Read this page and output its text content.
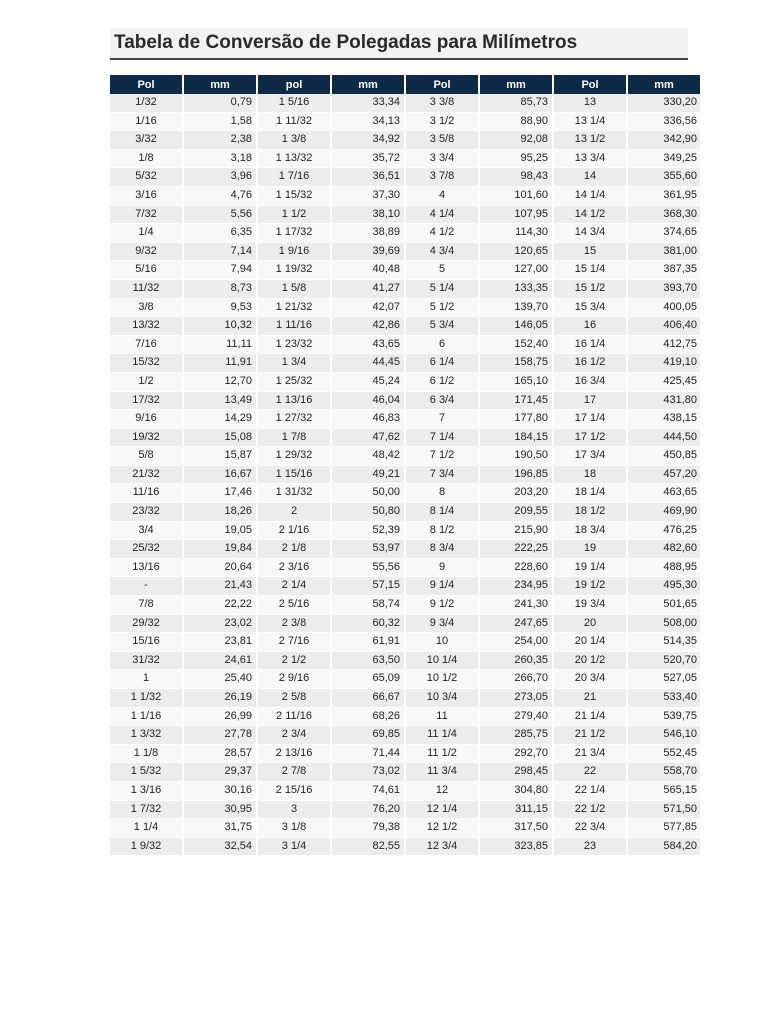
Tabela de Conversão de Polegadas para Milímetros
Pol	mm	pol	mm	Pol	mm	Pol	mm
1/32	0,79	1 5/16	33,34	3 3/8	85,73	13	330,20
1/16	1,58	1 11/32	34,13	3 1/2	88,90	13 1/4	336,56
3/32	2,38	1 3/8	34,92	3 5/8	92,08	13 1/2	342,90
1/8	3,18	1 13/32	35,72	3 3/4	95,25	13 3/4	349,25
5/32	3,96	1 7/16	36,51	3 7/8	98,43	14	355,60
3/16	4,76	1 15/32	37,30	4	101,60	14 1/4	361,95
7/32	5,56	1 1/2	38,10	4 1/4	107,95	14 1/2	368,30
1/4	6,35	1 17/32	38,89	4 1/2	114,30	14 3/4	374,65
9/32	7,14	1 9/16	39,69	4 3/4	120,65	15	381,00
5/16	7,94	1 19/32	40,48	5	127,00	15 1/4	387,35
11/32	8,73	1 5/8	41,27	5 1/4	133,35	15 1/2	393,70
3/8	9,53	1 21/32	42,07	5 1/2	139,70	15 3/4	400,05
13/32	10,32	1 11/16	42,86	5 3/4	146,05	16	406,40
7/16	11,11	1 23/32	43,65	6	152,40	16 1/4	412,75
15/32	11,91	1 3/4	44,45	6 1/4	158,75	16 1/2	419,10
1/2	12,70	1 25/32	45,24	6 1/2	165,10	16 3/4	425,45
17/32	13,49	1 13/16	46,04	6 3/4	171,45	17	431,80
9/16	14,29	1 27/32	46,83	7	177,80	17 1/4	438,15
19/32	15,08	1 7/8	47,62	7 1/4	184,15	17 1/2	444,50
5/8	15,87	1 29/32	48,42	7 1/2	190,50	17 3/4	450,85
21/32	16,67	1 15/16	49,21	7 3/4	196,85	18	457,20
11/16	17,46	1 31/32	50,00	8	203,20	18 1/4	463,65
23/32	18,26	2	50,80	8 1/4	209,55	18 1/2	469,90
3/4	19,05	2 1/16	52,39	8 1/2	215,90	18 3/4	476,25
25/32	19,84	2 1/8	53,97	8 3/4	222,25	19	482,60
13/16	20,64	2 3/16	55,56	9	228,60	19 1/4	488,95
-	21,43	2 1/4	57,15	9 1/4	234,95	19 1/2	495,30
7/8	22,22	2 5/16	58,74	9 1/2	241,30	19 3/4	501,65
29/32	23,02	2 3/8	60,32	9 3/4	247,65	20	508,00
15/16	23,81	2 7/16	61,91	10	254,00	20 1/4	514,35
31/32	24,61	2 1/2	63,50	10 1/4	260,35	20 1/2	520,70
1	25,40	2 9/16	65,09	10 1/2	266,70	20 3/4	527,05
1 1/32	26,19	2 5/8	66,67	10 3/4	273,05	21	533,40
1 1/16	26,99	2 11/16	68,26	11	279,40	21 1/4	539,75
1 3/32	27,78	2 3/4	69,85	11 1/4	285,75	21 1/2	546,10
1 1/8	28,57	2 13/16	71,44	11 1/2	292,70	21 3/4	552,45
1 5/32	29,37	2 7/8	73,02	11 3/4	298,45	22	558,70
1 3/16	30,16	2 15/16	74,61	12	304,80	22 1/4	565,15
1 7/32	30,95	3	76,20	12 1/4	311,15	22 1/2	571,50
1 1/4	31,75	3 1/8	79,38	12 1/2	317,50	22 3/4	577,85
1 9/32	32,54	3 1/4	82,55	12 3/4	323,85	23	584,20
